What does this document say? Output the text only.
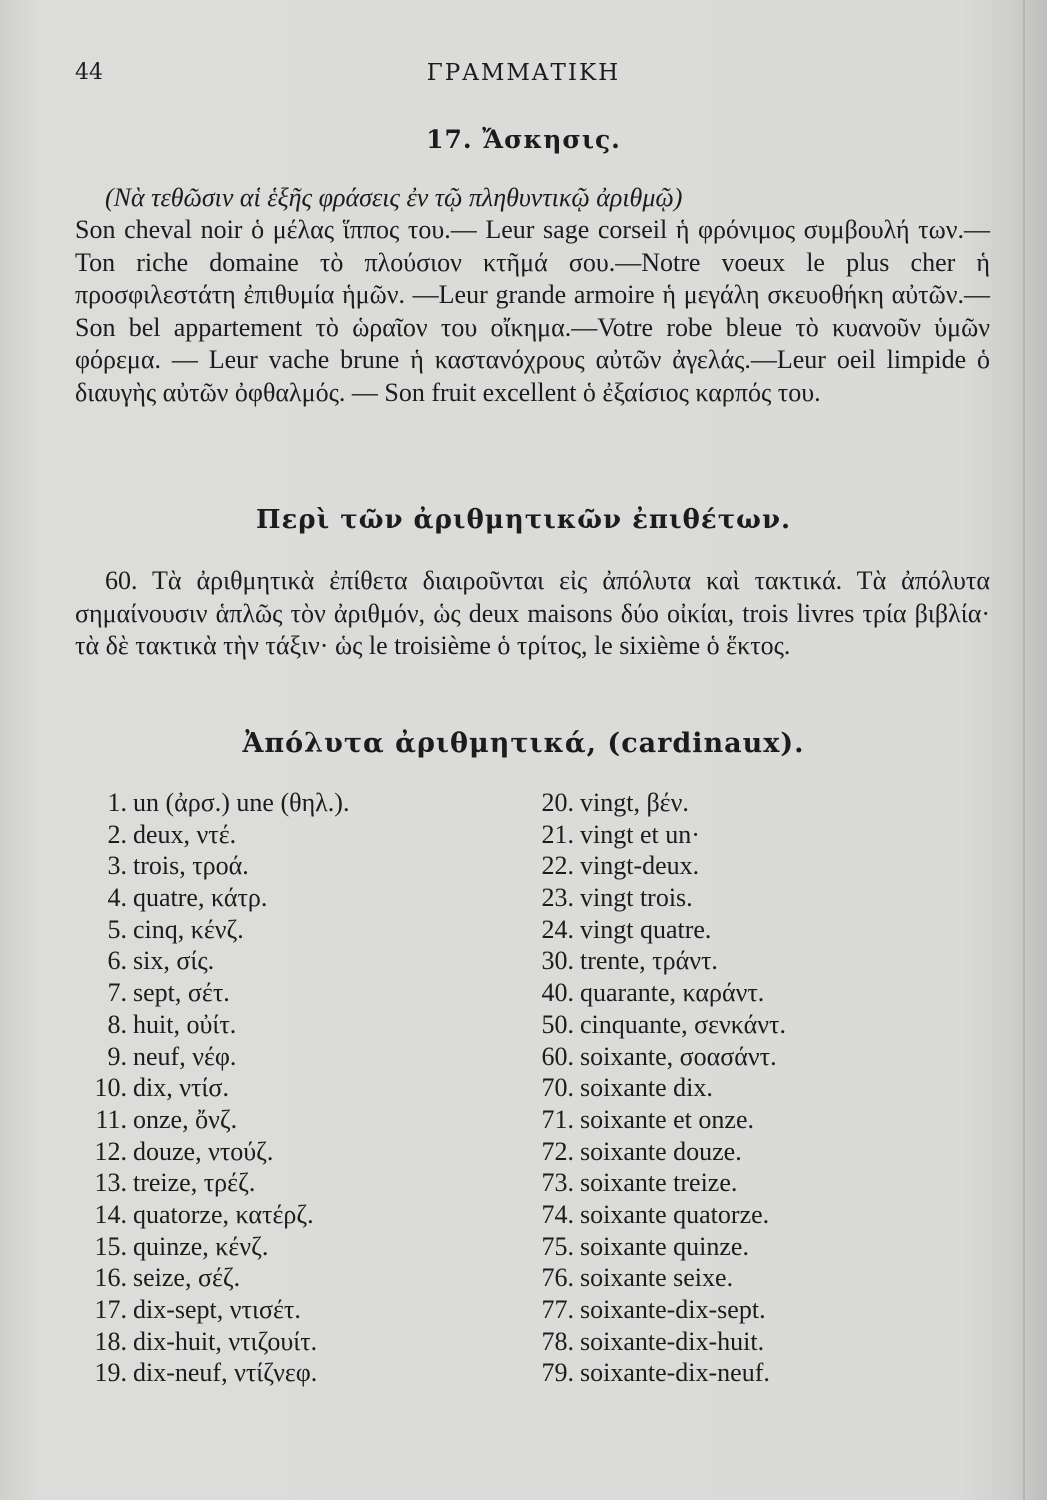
44	ΓΡΑΜΜΑΤΙΚΗ
17. Ἄσκησις.
(Νὰ τεθῶσιν αἱ ἑξῆς φράσεις ἐν τῷ πληθυντικῷ ἀριθμῷ)
Son cheval noir ὁ μέλας ἵππος του.— Leur sage corseil ἡ φρόνιμος συμβουλή των.—Ton riche domaine τὸ πλούσιον κτῆμά σου.—Notre voeux le plus cher ἡ προσφιλεστάτη ἐπιθυμία ἡμῶν. —Leur grande armoire ἡ μεγάλη σκευοθήκη αὐτῶν.— Son bel appartement τὸ ὡραῖον του οἴκημα.—Votre robe bleue τὸ κυανοῦν ὑμῶν φόρεμα. — Leur vache brune ἡ καστανόχρους αὐτῶν ἀγελάς.—Leur oeil limpide ὁ διαυγὴς αὐτῶν ὀφθαλμός. — Son fruit excellent ὁ ἐξαίσιος καρπός του.
Περὶ τῶν ἀριθμητικῶν ἐπιθέτων.
60. Τὰ ἀριθμητικὰ ἐπίθετα διαιροῦνται εἰς ἀπόλυτα καὶ τακτικά. Τὰ ἀπόλυτα σημαίνουσιν ἁπλῶς τὸν ἀριθμόν, ὡς deux maisons δύο οἰκίαι, trois livres τρία βιβλία· τὰ δὲ τακτικὰ τὴν τάξιν· ὡς le troisième ὁ τρίτος, le sixième ὁ ἕκτος.
Ἀπόλυτα ἀριθμητικά, (cardinaux).
1. un (ἀρσ.) une (θηλ.).
2. deux, ντέ.
3. trois, τροά.
4. quatre, κάτρ.
5. cinq, κένζ.
6. six, σίς.
7. sept, σέτ.
8. huit, οὐίτ.
9. neuf, νέφ.
10. dix, ντίσ.
11. onze, ὄνζ.
12. douze, ντούζ.
13. treize, τρέζ.
14. quatorze, κατέρζ.
15. quinze, κένζ.
16. seize, σέζ.
17. dix-sept, ντισέτ.
18. dix-huit, ντιζουίτ.
19. dix-neuf, ντίζνεφ.
20. vingt, βέν.
21. vingt et un·
22. vingt-deux.
23. vingt trois.
24. vingt quatre.
30. trente, τράντ.
40. quarante, καράντ.
50. cinquante, σενκάντ.
60. soixante, σοασάντ.
70. soixante dix.
71. soixante et onze.
72. soixante douze.
73. soixante treize.
74. soixante quatorze.
75. soixante quinze.
76. soixante seixe.
77. soixante-dix-sept.
78. soixante-dix-huit.
79. soixante-dix-neuf.
